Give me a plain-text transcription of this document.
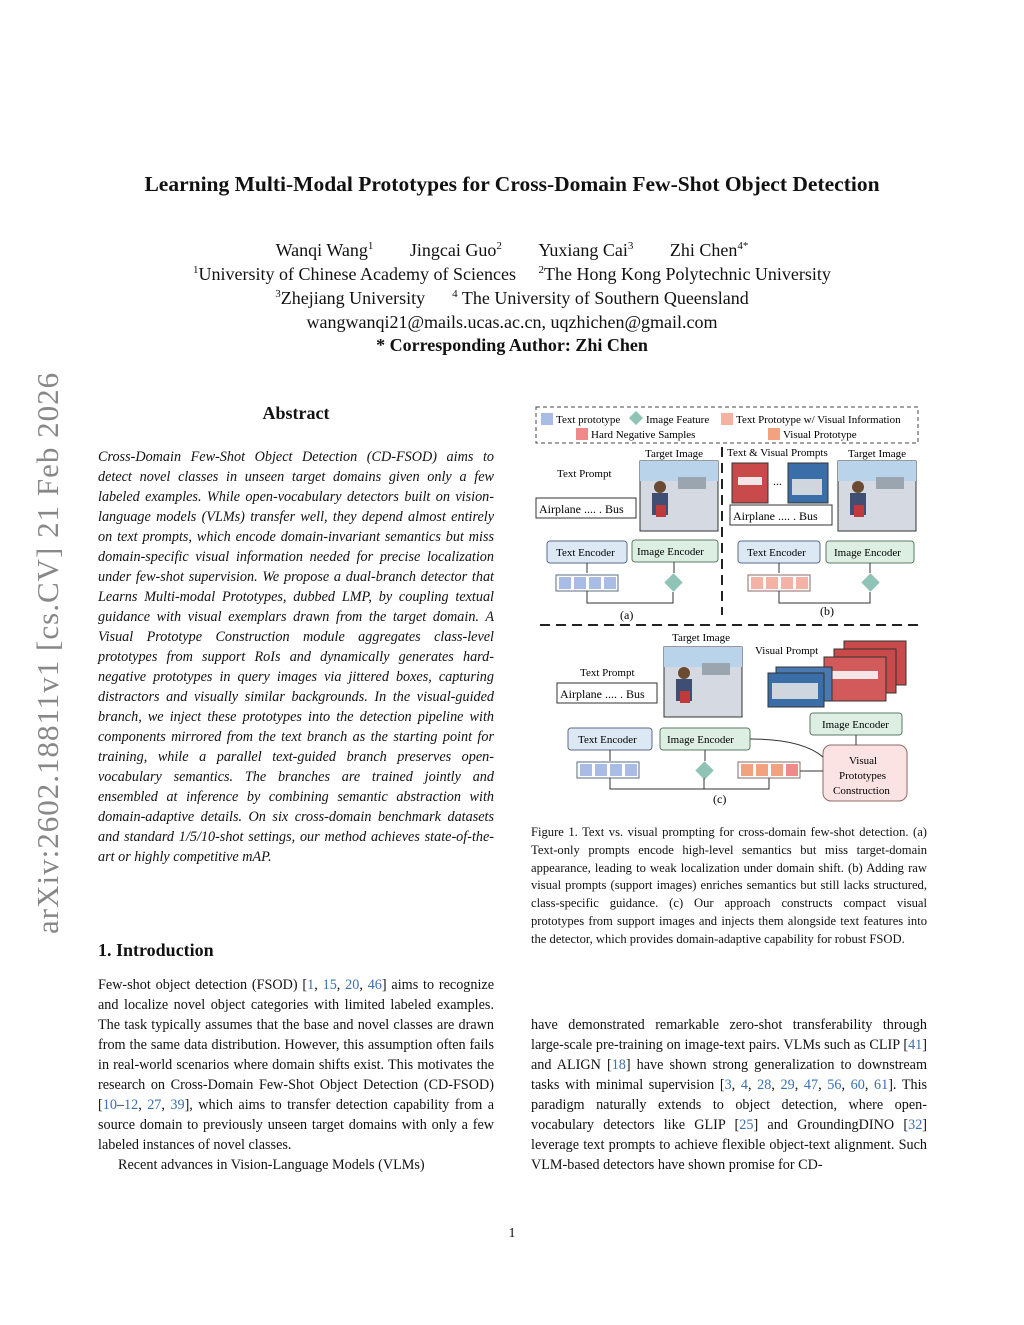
arXiv:2602.18811v1 [cs.CV] 21 Feb 2026
Learning Multi-Modal Prototypes for Cross-Domain Few-Shot Object Detection
Wanqi Wang$^1$ Jingcai Guo$^2$ Yuxiang Cai$^3$ Zhi Chen$^{4*}$
$^1$University of Chinese Academy of Sciences $^2$The Hong Kong Polytechnic University
$^3$Zhejiang University $^4$ The University of Southern Queensland
wangwanqi21@mails.ucas.ac.cn, uqzhichen@gmail.com
* Corresponding Author: Zhi Chen
Abstract
Cross-Domain Few-Shot Object Detection (CD-FSOD) aims to detect novel classes in unseen target domains given only a few labeled examples. While open-vocabulary detectors built on vision-language models (VLMs) transfer well, they depend almost entirely on text prompts, which encode domain-invariant semantics but miss domain-specific visual information needed for precise localization under few-shot supervision. We propose a dual-branch detector that Learns Multi-modal Prototypes, dubbed LMP, by coupling textual guidance with visual exemplars drawn from the target domain. A Visual Prototype Construction module aggregates class-level prototypes from support RoIs and dynamically generates hard-negative prototypes in query images via jittered boxes, capturing distractors and visually similar backgrounds. In the visual-guided branch, we inject these prototypes into the detection pipeline with components mirrored from the text branch as the starting point for training, while a parallel text-guided branch preserves open-vocabulary semantics. The branches are trained jointly and ensembled at inference by combining semantic abstraction with domain-adaptive details. On six cross-domain benchmark datasets and standard 1/5/10-shot settings, our method achieves state-of-the-art or highly competitive mAP.
1. Introduction

Few-shot object detection (FSOD) [1, 15, 20, 46] aims to recognize and localize novel object categories with limited labeled examples. The task typically assumes that the base and novel classes are drawn from the same data distribution. However, this assumption often fails in real-world scenarios where domain shifts exist. This motivates the research on Cross-Domain Few-Shot Object Detection (CD-FSOD) [10–12, 27, 39], which aims to transfer detection capability from a source domain to previously unseen target domains with only a few labeled instances of novel classes.

Recent advances in Vision-Language Models (VLMs)

have demonstrated remarkable zero-shot transferability through large-scale pre-training on image-text pairs. VLMs such as CLIP [41] and ALIGN [18] have shown strong generalization to downstream tasks with minimal supervision [3, 4, 28, 29, 47, 56, 60, 61]. This paradigm naturally extends to object detection, where open-vocabulary detectors like GLIP [25] and GroundingDINO [32] leverage text prompts to achieve flexible object-text alignment. Such VLM-based detectors have shown promise for CD-
Text prototype Image Feature Text Prototype w/ Visual Information
Hard Negative Samples	Visual Prototype
Text Prompt
Target Image
Airplane .... . Bus
Text Encoder Image Encoder
(a)
Text & Visual Prompts Target Image
...
Airplane .... . Bus
Text Encoder	Image Encoder
(b)
Target Image
Text Prompt
Visual Prompt
Airplane .... . Bus
Image Encoder
Text Encoder	Image Encoder
Visual
Prototypes
Construction
(c)
Figure 1. Text vs. visual prompting for cross-domain few-shot detection. (a) Text-only prompts encode high-level semantics but miss target-domain appearance, leading to weak localization under domain shift. (b) Adding raw visual prompts (support images) enriches semantics but still lacks structured, class-specific guidance. (c) Our approach constructs compact visual prototypes from support images and injects them alongside text features into the detector, which provides domain-adaptive capability for robust FSOD.
1
